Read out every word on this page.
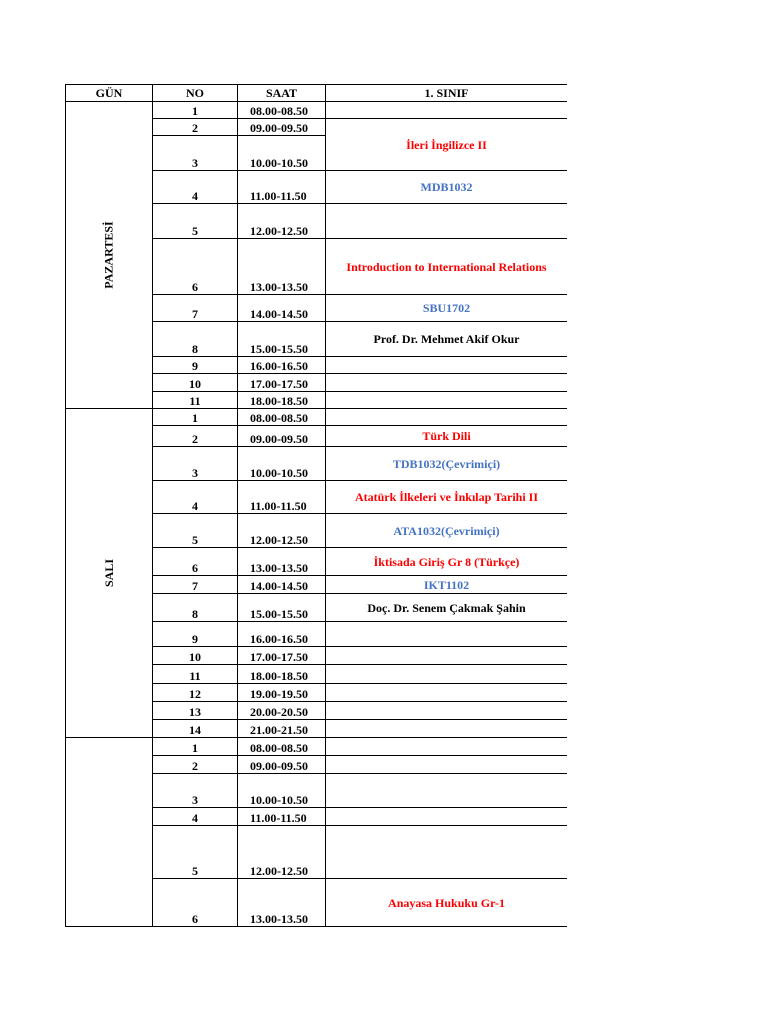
GÜN	NO	SAAT	1. SINIF
PAZARTESİ	1	08.00-08.50	
	2	09.00-09.50	İleri İngilizce II
	3	10.00-10.50	
	4	11.00-11.50	MDB1032
	5	12.00-12.50	
	6	13.00-13.50	Introduction to International Relations
	7	14.00-14.50	SBU1702
	8	15.00-15.50	Prof. Dr. Mehmet Akif Okur
	9	16.00-16.50	
	10	17.00-17.50	
	11	18.00-18.50	
SALI	1	08.00-08.50	
	2	09.00-09.50	Türk Dili
	3	10.00-10.50	TDB1032(Çevrimiçi)
	4	11.00-11.50	Atatürk İlkeleri ve İnkılap Tarihi II
	5	12.00-12.50	ATA1032(Çevrimiçi)
	6	13.00-13.50	İktisada Giriş Gr 8 (Türkçe)
	7	14.00-14.50	IKT1102
	8	15.00-15.50	Doç. Dr. Senem Çakmak Şahin
	9	16.00-16.50	
	10	17.00-17.50	
	11	18.00-18.50	
	12	19.00-19.50	
	13	20.00-20.50	
	14	21.00-21.50	
	1	08.00-08.50	
	2	09.00-09.50	
	3	10.00-10.50	
	4	11.00-11.50	
	5	12.00-12.50	
	6	13.00-13.50	Anayasa Hukuku Gr-1
